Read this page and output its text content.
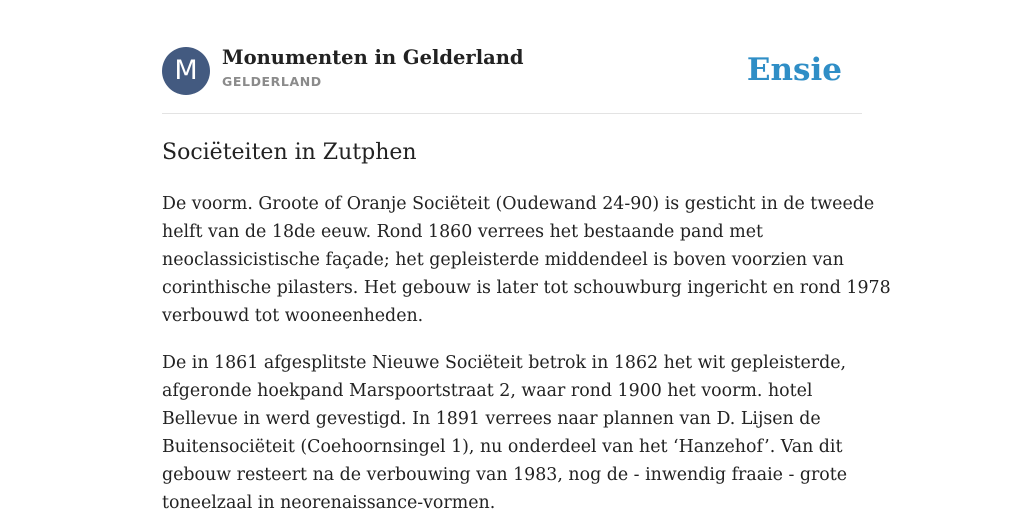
M	Monumenten in Gelderland
GELDERLAND	Ensie
Sociëteiten in Zutphen

De voorm. Groote of Oranje Sociëteit (Oudewand 24-90) is gesticht in de tweede
helft van de 18de eeuw. Rond 1860 verrees het bestaande pand met
neoclassicistische façade; het gepleisterde middendeel is boven voorzien van
corinthische pilasters. Het gebouw is later tot schouwburg ingericht en rond 1978
verbouwd tot wooneenheden.

De in 1861 afgesplitste Nieuwe Sociëteit betrok in 1862 het wit gepleisterde,
afgeronde hoekpand Marspoortstraat 2, waar rond 1900 het voorm. hotel
Bellevue in werd gevestigd. In 1891 verrees naar plannen van D. Lijsen de
Buitensociëteit (Coehoornsingel 1), nu onderdeel van het ‘Hanzehof’. Van dit
gebouw resteert na de verbouwing van 1983, nog de - inwendig fraaie - grote
toneelzaal in neorenaissance-vormen.
